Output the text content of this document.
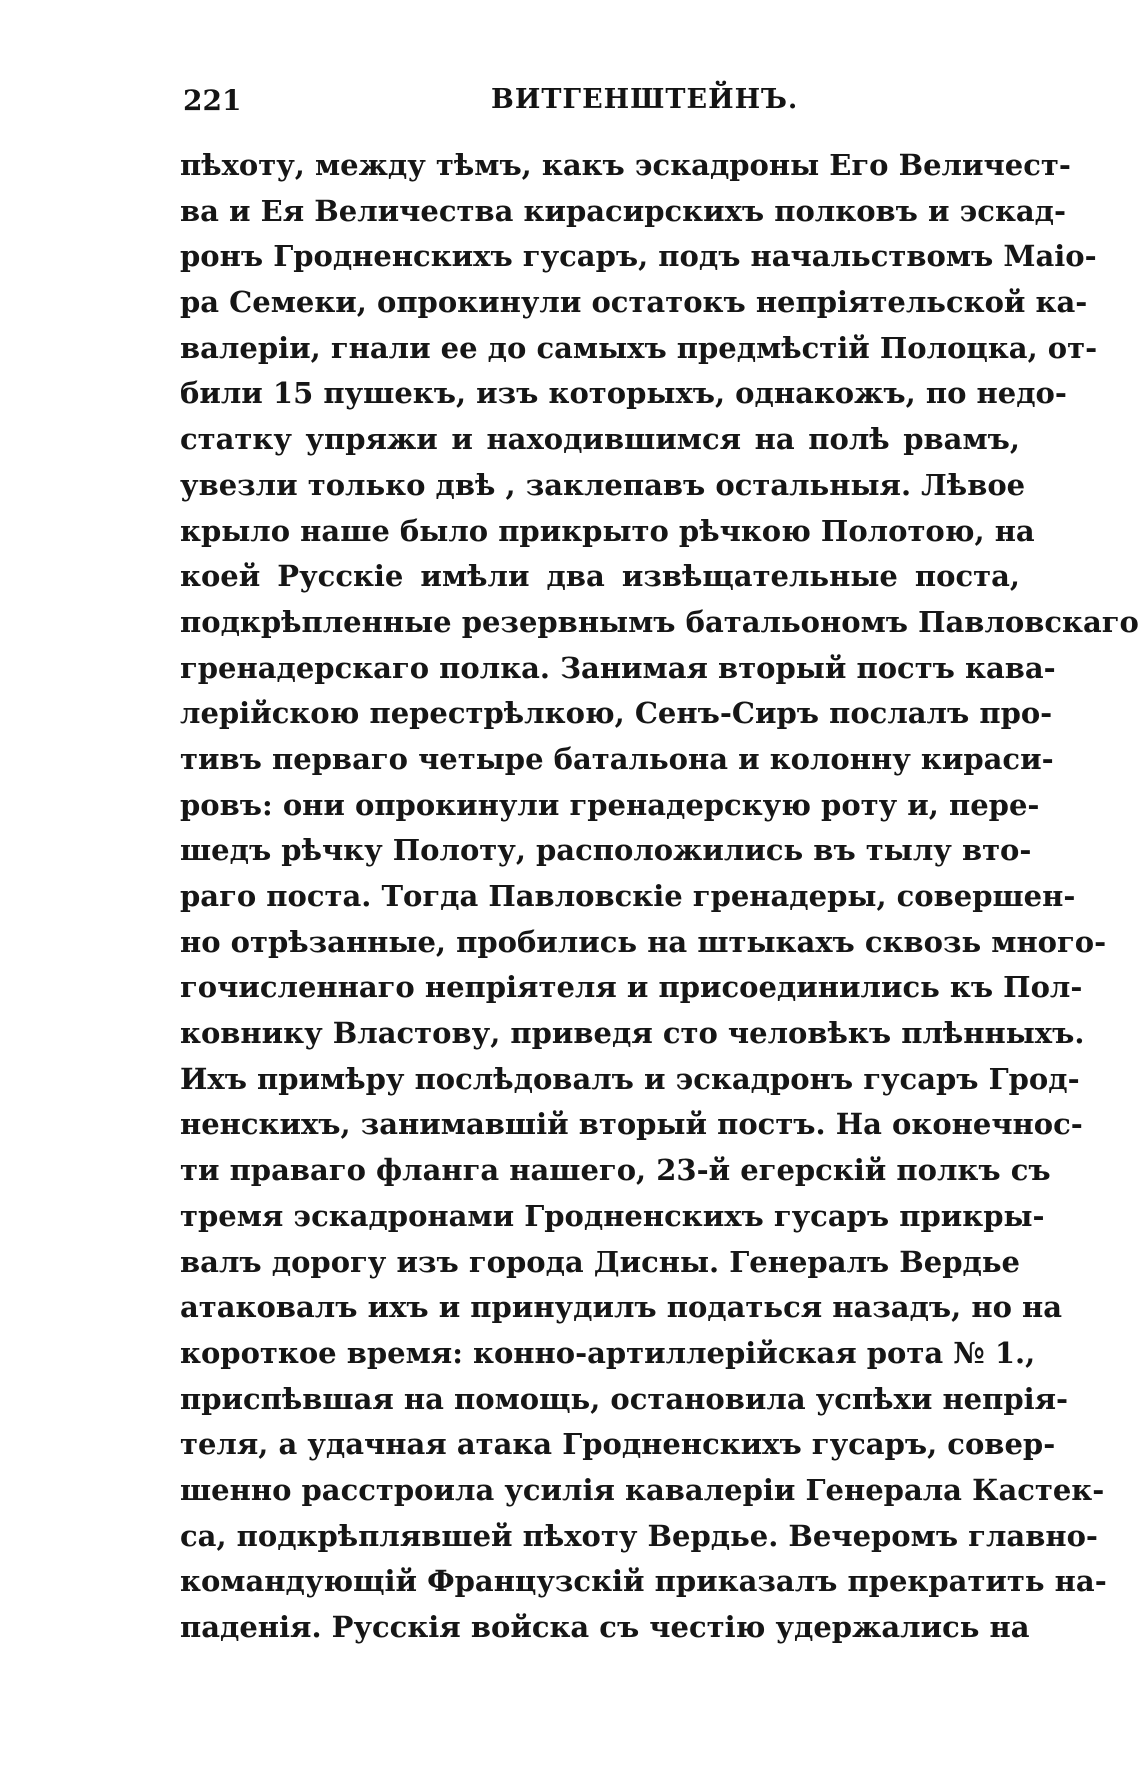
221	ВИТГЕНШТЕЙНЪ.
пѣхоту, между тѣмъ, какъ эскадроны Его Величест-
ва и Ея Величества кирасирскихъ полковъ и эскад-
ронъ Гродненскихъ гусаръ, подъ начальствомъ Маіо-
ра Семеки, опрокинули остатокъ непріятельской ка-
валеріи, гнали ее до самыхъ предмѣстій Полоцка, от-
били 15 пушекъ, изъ которыхъ, однакожъ, по недо-
статку упряжи и находившимся на полѣ рвамъ,
увезли только двѣ , заклепавъ остальныя. Лѣвое
крыло наше было прикрыто рѣчкою Полотою, на
коей Русскіе имѣли два извѣщательные поста,
подкрѣпленные резервнымъ батальономъ Павловскаго
гренадерскаго полка. Занимая вторый постъ кава-
лерійскою перестрѣлкою, Сенъ-Сиръ послалъ про-
тивъ перваго четыре батальона и колонну кираси-
ровъ: они опрокинули гренадерскую роту и, пере-
шедъ рѣчку Полоту, расположились въ тылу вто-
раго поста. Тогда Павловскіе гренадеры, совершен-
но отрѣзанные, пробились на штыкахъ сквозь много-
гочисленнаго непріятеля и присоединились къ Пол-
ковнику Властову, приведя сто человѣкъ плѣнныхъ.
Ихъ примѣру послѣдовалъ и эскадронъ гусаръ Грод-
ненскихъ, занимавшій вторый постъ. На оконечнос-
ти праваго фланга нашего, 23-й егерскій полкъ съ
тремя эскадронами Гродненскихъ гусаръ прикры-
валъ дорогу изъ города Дисны. Генералъ Вердье
атаковалъ ихъ и принудилъ податься назадъ, но на
короткое время: конно-артиллерійская рота № 1.,
приспѣвшая на помощь, остановила успѣхи непрія-
теля, а удачная атака Гродненскихъ гусаръ, совер-
шенно расстроила усилія кавалеріи Генерала Кастек-
са, подкрѣплявшей пѣхоту Вердье. Вечеромъ главно-
командующій Французскій приказалъ прекратить на-
паденія. Русскія войска съ честію удержались на
